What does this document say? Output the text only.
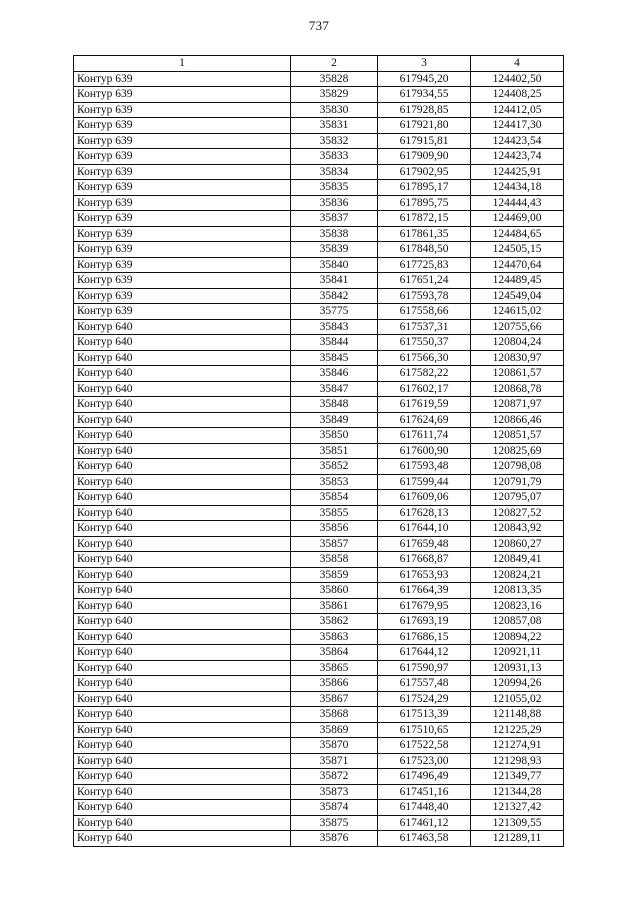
737
1	2	3	4
Контур 639	35828	617945,20	124402,50
Контур 639	35829	617934,55	124408,25
Контур 639	35830	617928,85	124412,05
Контур 639	35831	617921,80	124417,30
Контур 639	35832	617915,81	124423,54
Контур 639	35833	617909,90	124423,74
Контур 639	35834	617902,95	124425,91
Контур 639	35835	617895,17	124434,18
Контур 639	35836	617895,75	124444,43
Контур 639	35837	617872,15	124469,00
Контур 639	35838	617861,35	124484,65
Контур 639	35839	617848,50	124505,15
Контур 639	35840	617725,83	124470,64
Контур 639	35841	617651,24	124489,45
Контур 639	35842	617593,78	124549,04
Контур 639	35775	617558,66	124615,02
Контур 640	35843	617537,31	120755,66
Контур 640	35844	617550,37	120804,24
Контур 640	35845	617566,30	120830,97
Контур 640	35846	617582,22	120861,57
Контур 640	35847	617602,17	120868,78
Контур 640	35848	617619,59	120871,97
Контур 640	35849	617624,69	120866,46
Контур 640	35850	617611,74	120851,57
Контур 640	35851	617600,90	120825,69
Контур 640	35852	617593,48	120798,08
Контур 640	35853	617599,44	120791,79
Контур 640	35854	617609,06	120795,07
Контур 640	35855	617628,13	120827,52
Контур 640	35856	617644,10	120843,92
Контур 640	35857	617659,48	120860,27
Контур 640	35858	617668,87	120849,41
Контур 640	35859	617653,93	120824,21
Контур 640	35860	617664,39	120813,35
Контур 640	35861	617679,95	120823,16
Контур 640	35862	617693,19	120857,08
Контур 640	35863	617686,15	120894,22
Контур 640	35864	617644,12	120921,11
Контур 640	35865	617590,97	120931,13
Контур 640	35866	617557,48	120994,26
Контур 640	35867	617524,29	121055,02
Контур 640	35868	617513,39	121148,88
Контур 640	35869	617510,65	121225,29
Контур 640	35870	617522,58	121274,91
Контур 640	35871	617523,00	121298,93
Контур 640	35872	617496,49	121349,77
Контур 640	35873	617451,16	121344,28
Контур 640	35874	617448,40	121327,42
Контур 640	35875	617461,12	121309,55
Контур 640	35876	617463,58	121289,11
